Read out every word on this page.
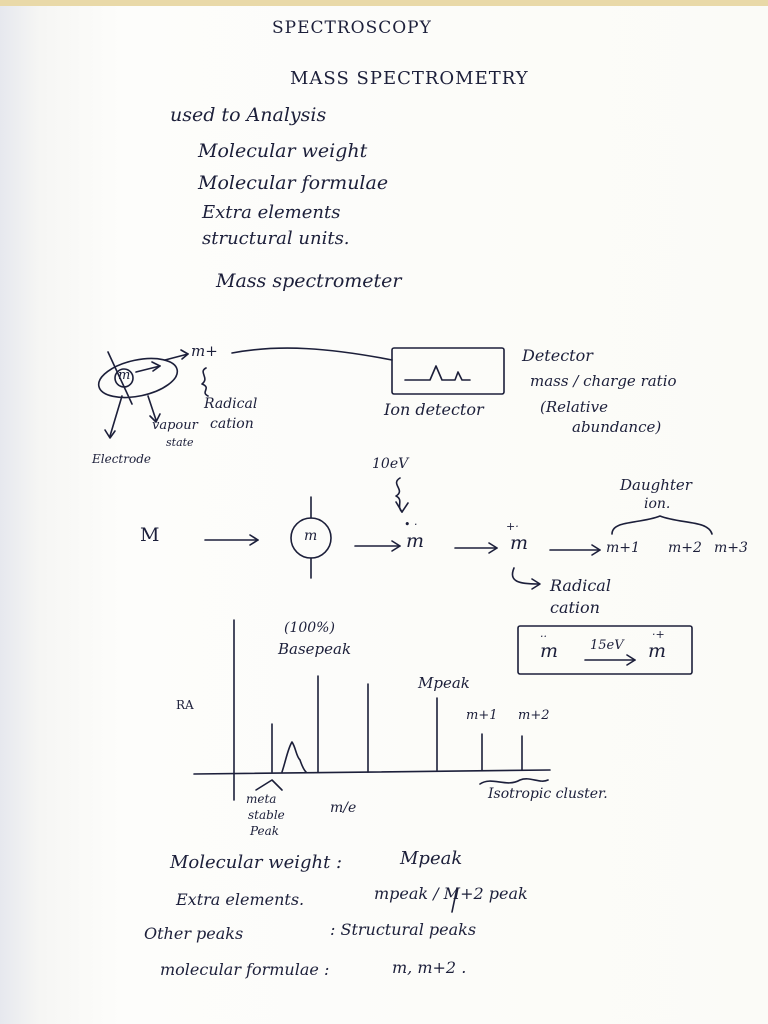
SPECTROSCOPY
MASS SPECTROMETRY
used to Analysis
Molecular weight
Molecular formulae
Extra elements
structural units.
Mass spectrometer
m
m+
Radical
cation
vapour
state
Electrode
Ion detector
Detector
mass / charge ratio
(Relative
abundance)
M	m
10eV
m
• ·
m
+·
m+1 m+2 m+3
Daughter
ion.
Radical
cation
m
··
15eV m
·+
RA
(100%)
Basepeak
Mpeak
m+1 m+2
m/e
meta
stable
Peak
Isotropic cluster.
Molecular weight :	Mpeak
Extra elements.	mpeak / M+2 peak
Other peaks	: Structural peaks
molecular formulae :	m, m+2 .
